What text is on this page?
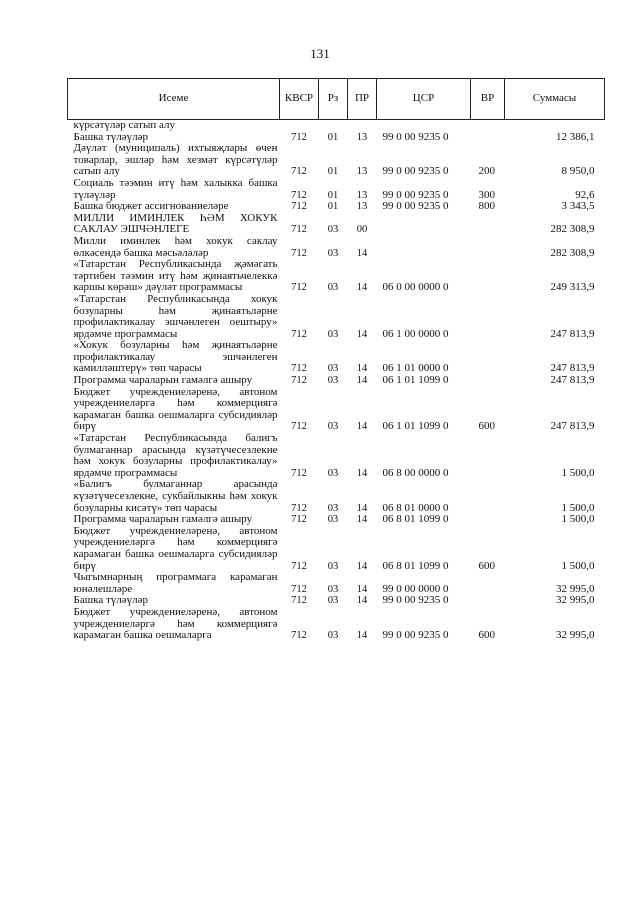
131
Исеме	КВСР	Рз	ПР	ЦСР	ВР	Суммасы
күрсәтүләр сатып алу						
Башка түләүләр	712	01	13	99 0 00 9235 0		12 386,1
Дәүләт (муниципаль) ихтыяҗлары өчен товарлар, эшләр һәм хезмәт күрсәтүләр сатып алу	712	01	13	99 0 00 9235 0	200	8 950,0
Социаль тәэмин итү һәм халыкка башка түләүләр	712	01	13	99 0 00 9235 0	300	92,6
Башка бюджет ассигнованиеләре	712	01	13	99 0 00 9235 0	800	3 343,5
МИЛЛИ ИМИНЛЕК ҺӘМ ХОКУК САКЛАУ ЭШЧӘНЛЕГЕ	712	03	00			282 308,9
Милли иминлек һәм хокук саклау өлкәсендә башка мәсьәләләр	712	03	14			282 308,9
«Татарстан Республикасында җәмәгать тәртибен тәэмин итү һәм җинаятьчелеккә каршы көрәш» дәүләт программасы	712	03	14	06 0 00 0000 0		249 313,9
«Татарстан Республикасында хокук бозуларны һәм җинаятьләрне профилактикалау эшчәнлеген оештыру» ярдәмче программасы	712	03	14	06 1 00 0000 0		247 813,9
«Хокук бозуларны һәм җинаятьләрне профилактикалау эшчәнлеген камилләштерү» төп чарасы	712	03	14	06 1 01 0000 0		247 813,9
Программа чараларын гамәлгә ашыру	712	03	14	06 1 01 1099 0		247 813,9
Бюджет учреждениеләренә, автоном учреждениеләргә һәм коммерциягә карамаган башка оешмаларга субсидияләр бирү	712	03	14	06 1 01 1099 0	600	247 813,9
«Татарстан Республикасында балигъ булмаганнар арасында күзәтүчесезлекне һәм хокук бозуларны профилактикалау» ярдәмче программасы	712	03	14	06 8 00 0000 0		1 500,0
«Балигъ булмаганнар арасында күзәтүчесезлекне, сукбайлыкны һәм хокук бозуларны кисәтү» төп чарасы	712	03	14	06 8 01 0000 0		1 500,0
Программа чараларын гамәлгә ашыру	712	03	14	06 8 01 1099 0		1 500,0
Бюджет учреждениеләренә, автоном учреждениеләргә һәм коммерциягә карамаган башка оешмаларга субсидияләр бирү	712	03	14	06 8 01 1099 0	600	1 500,0
Чыгымнарның программага карамаган юнәлешләре	712	03	14	99 0 00 0000 0		32 995,0
Башка түләүләр	712	03	14	99 0 00 9235 0		32 995,0
Бюджет учреждениеләренә, автоном учреждениеләргә һәм коммерциягә карамаган башка оешмаларга	712	03	14	99 0 00 9235 0	600	32 995,0
